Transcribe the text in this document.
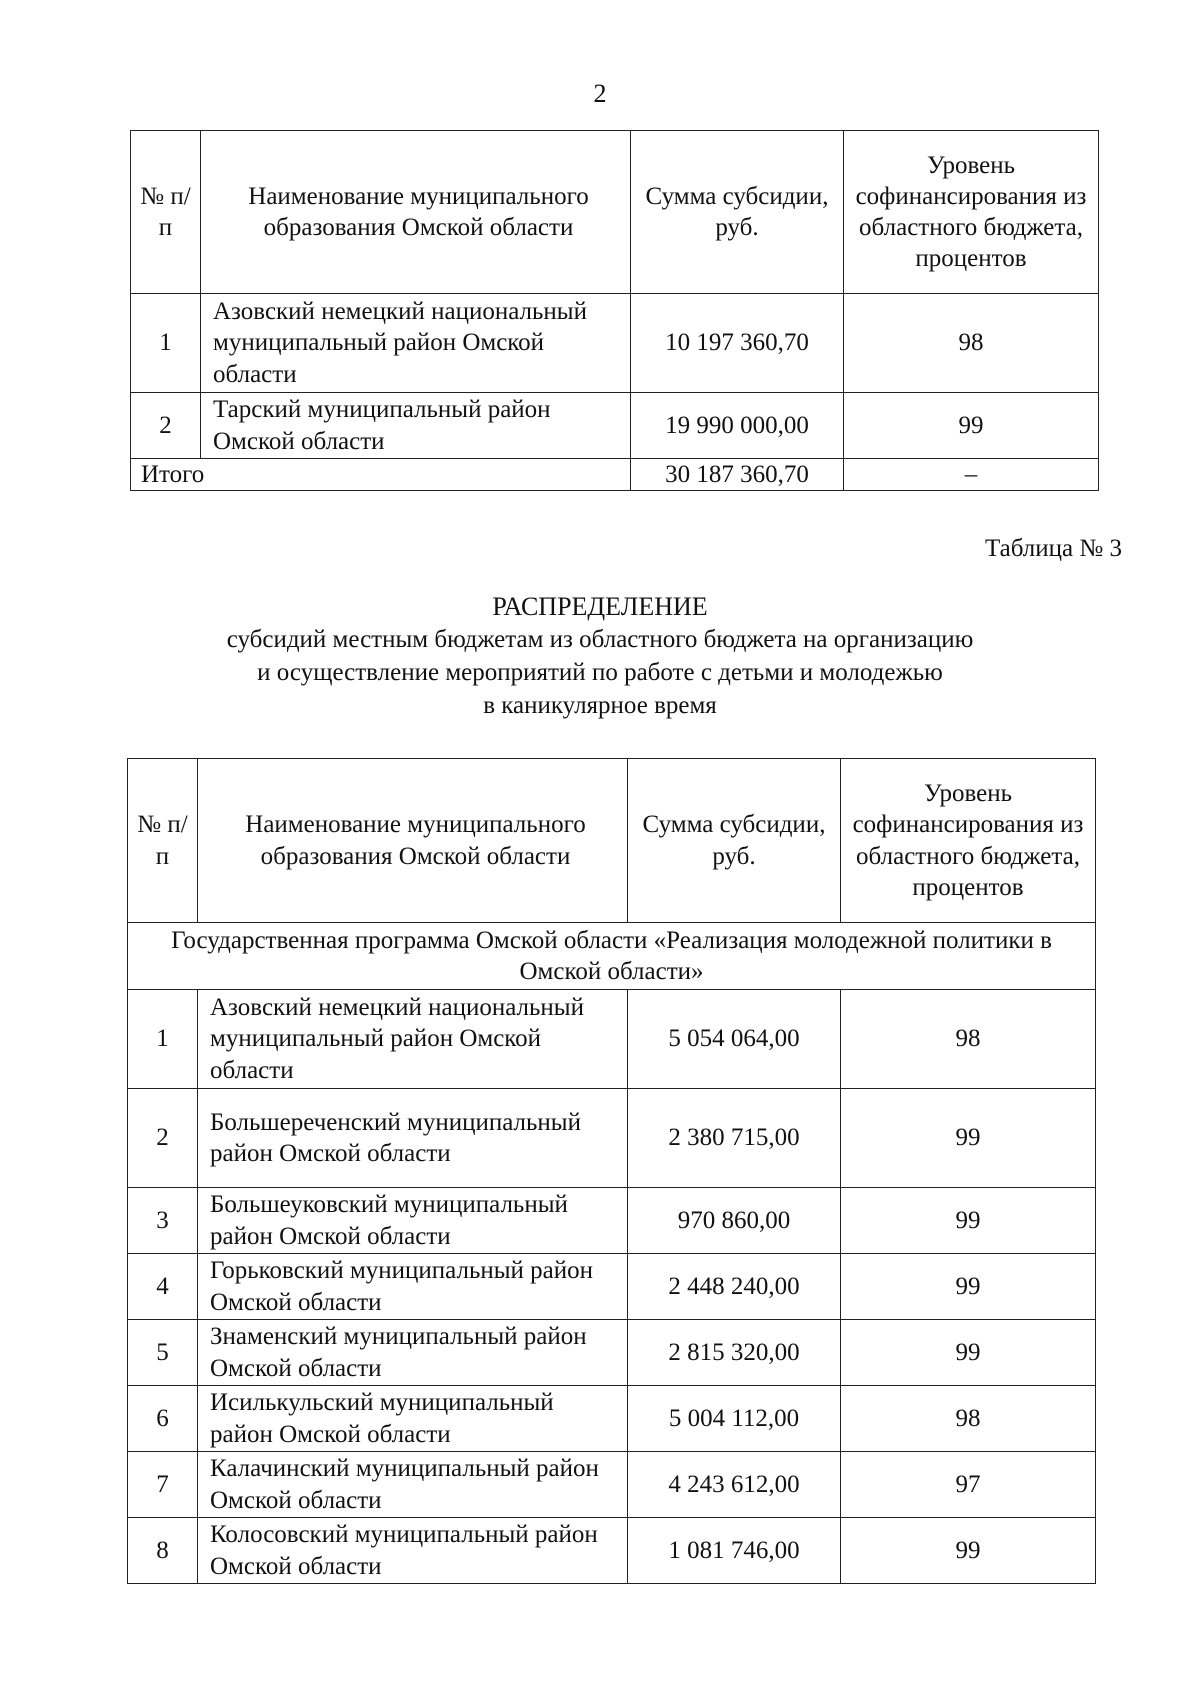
2
№ п/п	Наименование муниципального образования Омской области	Сумма субсидии, руб.	Уровень софинансирования из областного бюджета, процентов
1	Азовский немецкий национальный муниципальный район Омской области	10 197 360,70	98
2	Тарский муниципальный район Омской области	19 990 000,00	99
Итого		30 187 360,70	–
Таблица № 3
РАСПРЕДЕЛЕНИЕ
субсидий местным бюджетам из областного бюджета на организацию
и осуществление мероприятий по работе с детьми и молодежью
в каникулярное время
№ п/п	Наименование муниципального образования Омской области	Сумма субсидии, руб.	Уровень софинансирования из областного бюджета, процентов
Государственная программа Омской области «Реализация молодежной политики в Омской области»			
1	Азовский немецкий национальный муниципальный район Омской области	5 054 064,00	98
2	Большереченский муниципальный район Омской области	2 380 715,00	99
3	Большеуковский муниципальный район Омской области	970 860,00	99
4	Горьковский муниципальный район Омской области	2 448 240,00	99
5	Знаменский муниципальный район Омской области	2 815 320,00	99
6	Исилькульский муниципальный район Омской области	5 004 112,00	98
7	Калачинский муниципальный район Омской области	4 243 612,00	97
8	Колосовский муниципальный район Омской области	1 081 746,00	99
